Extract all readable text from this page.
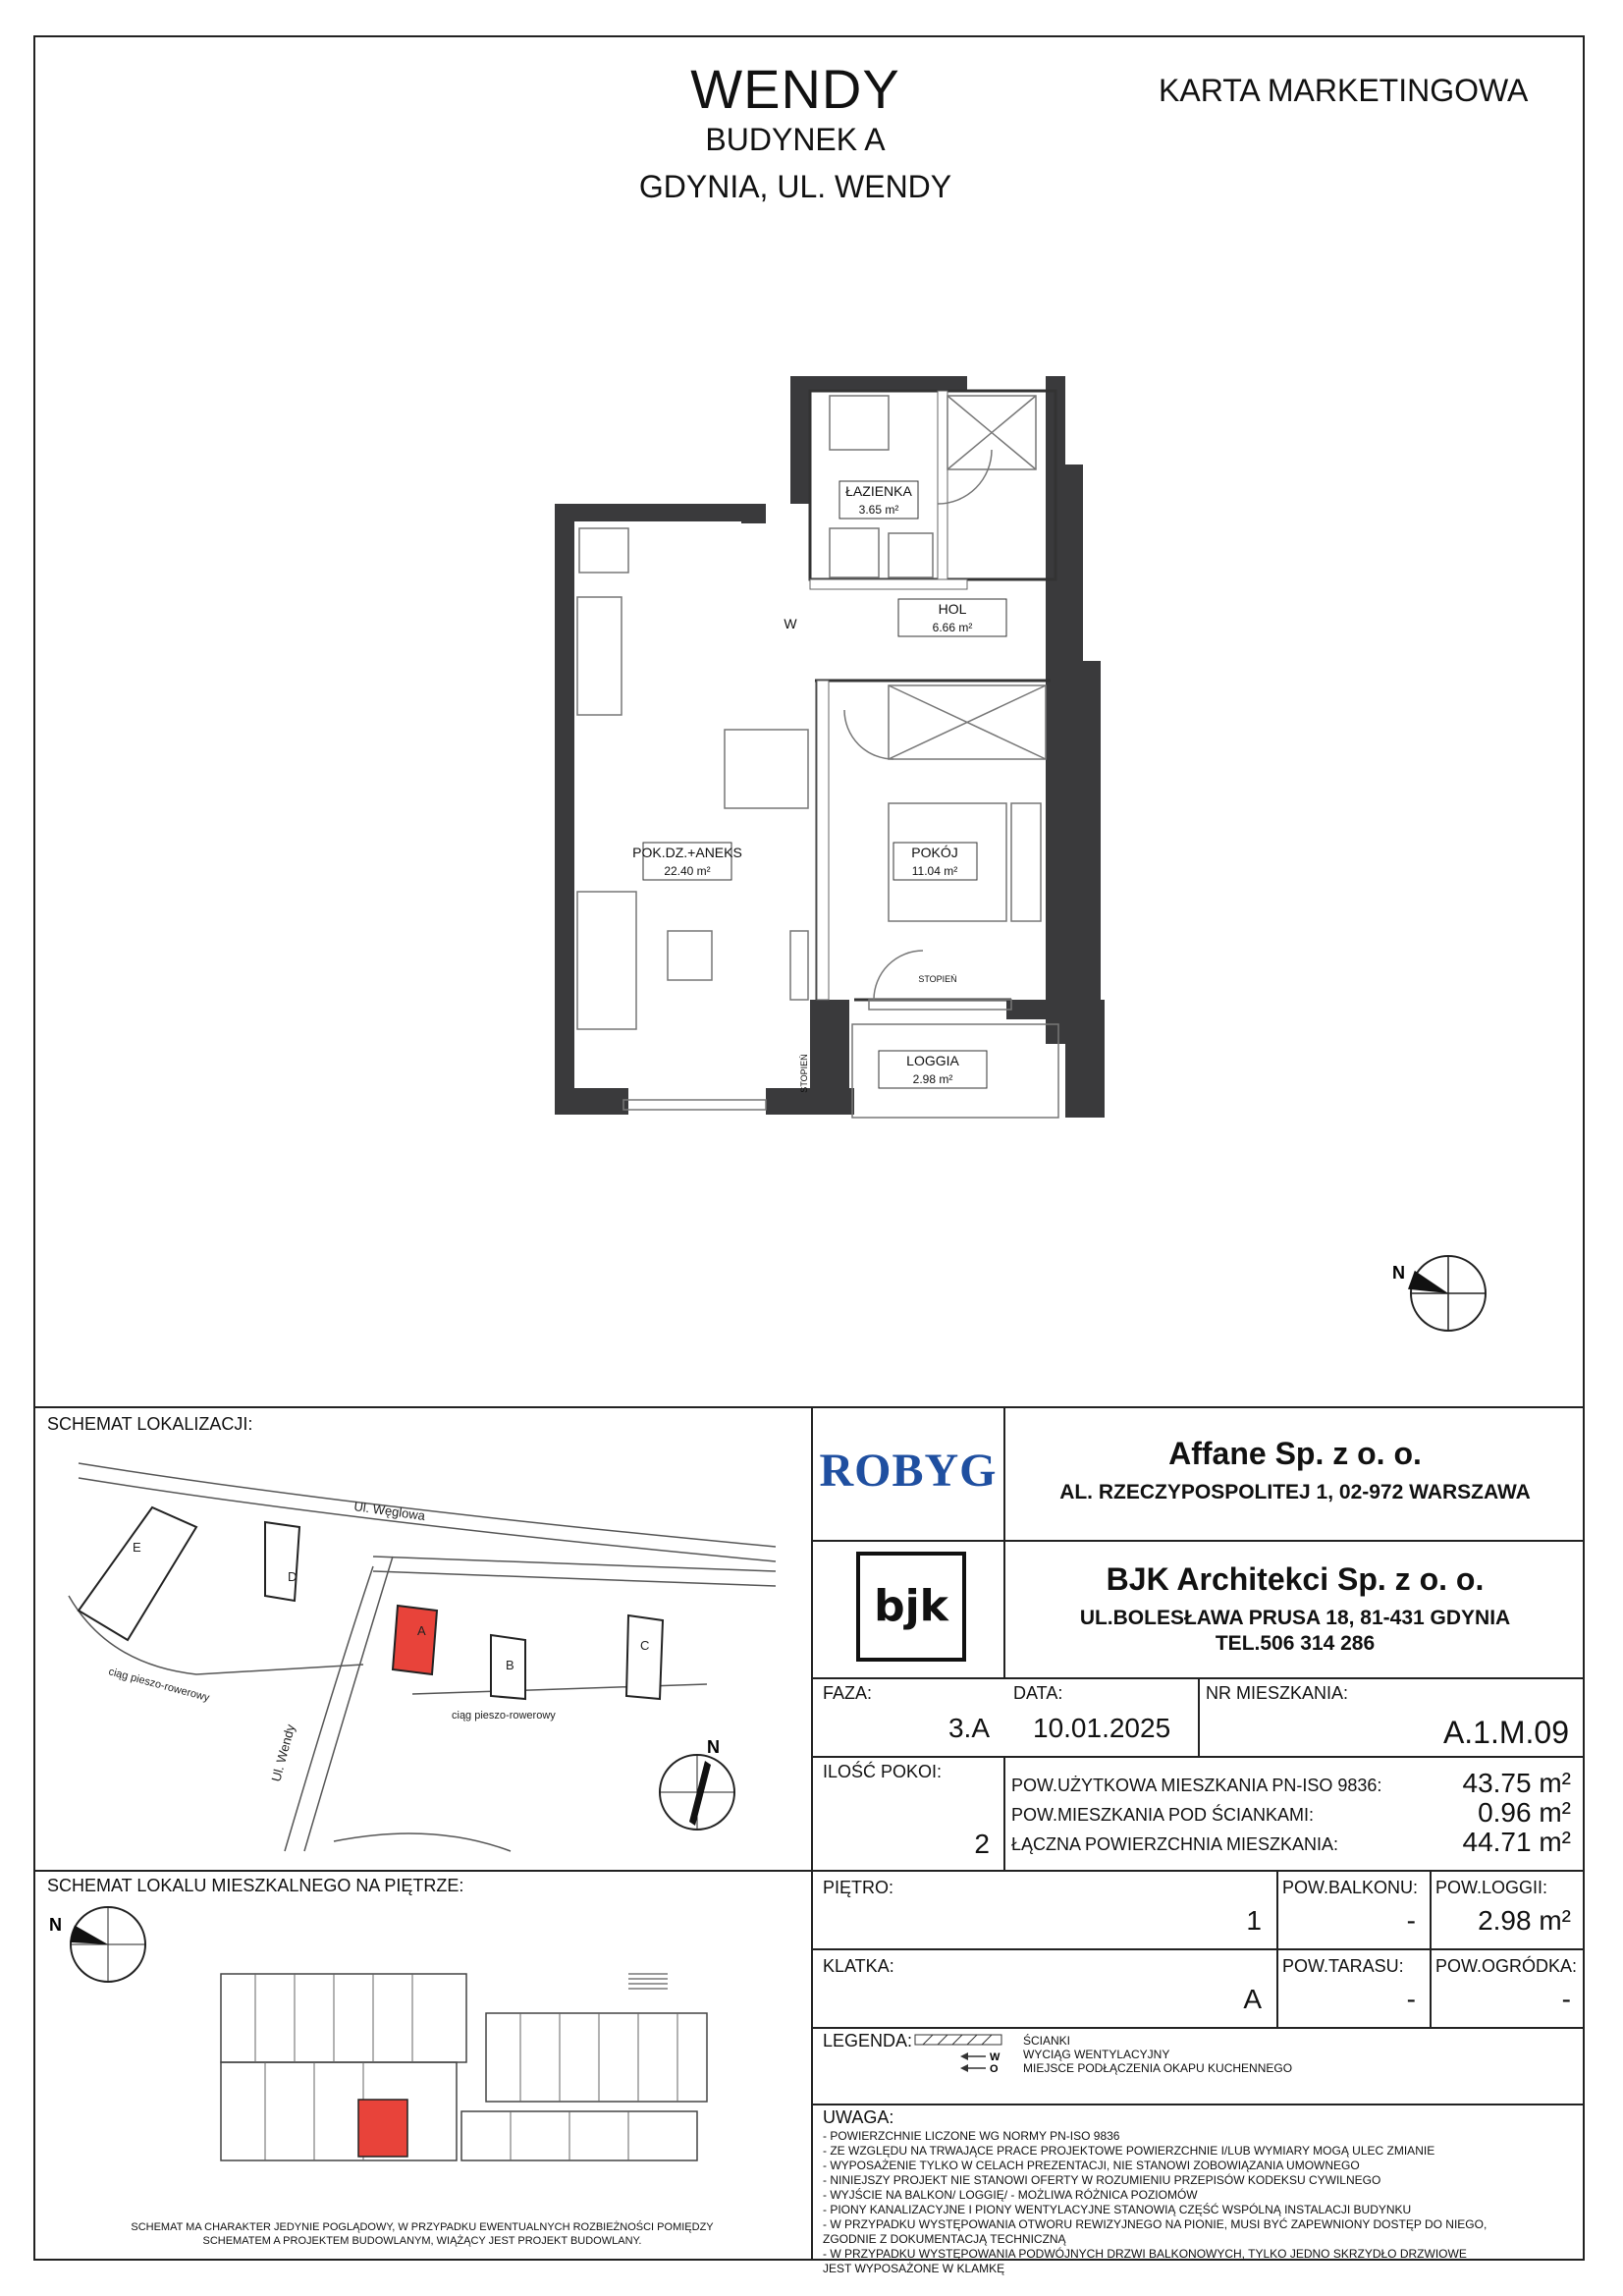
WENDY
BUDYNEK A
GDYNIA, UL. WENDY
KARTA MARKETINGOWA
ŁAZIENKA
3.65 m²
HOL
6.66 m²
POK.DZ.+ANEKS
22.40 m²
POKÓJ
11.04 m²
LOGGIA
2.98 m²
W
STOPIEŃ
STOPIEŃ
N
SCHEMAT LOKALIZACJI:
Ul. Węglowa
Ul. Wendy
ciąg pieszo-rowerowy
ciąg pieszo-rowerowy
E
D
A
B
C
N
ROBYG	Affane Sp. z o. o.
AL. RZECZYPOSPOLITEJ 1, 02-972 WARSZAWA
bjk
BJK Architekci Sp. z o. o.
UL.BOLESŁAWA PRUSA 18, 81-431 GDYNIA
TEL.506 314 286
FAZA:
3.A
DATA:
10.01.2025
NR MIESZKANIA:
A.1.M.09
ILOŚĆ POKOI:
2
POW.UŻYTKOWA MIESZKANIA PN-ISO 9836:	43.75 m²
POW.MIESZKANIA POD ŚCIANKAMI:	0.96 m²
ŁĄCZNA POWIERZCHNIA MIESZKANIA:	44.71 m²
PIĘTRO:
1
POW.BALKONU:
-
POW.LOGGII:
2.98 m²
KLATKA:
A
POW.TARASU:
-
POW.OGRÓDKA:
-
LEGENDA:
W
O
ŚCIANKI
WYCIĄG WENTYLACYJNY
MIEJSCE PODŁĄCZENIA OKAPU KUCHENNEGO
UWAGA:
- POWIERZCHNIE LICZONE WG NORMY PN-ISO 9836
- ZE WZGLĘDU NA TRWAJĄCE PRACE PROJEKTOWE POWIERZCHNIE I/LUB WYMIARY MOGĄ ULEC ZMIANIE
- WYPOSAŻENIE TYLKO W CELACH PREZENTACJI, NIE STANOWI ZOBOWIĄZANIA UMOWNEGO
- NINIEJSZY PROJEKT NIE STANOWI OFERTY W ROZUMIENIU PRZEPISÓW KODEKSU CYWILNEGO
- WYJŚCIE NA BALKON/ LOGGIĘ/ - MOŻLIWA RÓŻNICA POZIOMÓW
- PIONY KANALIZACYJNE I PIONY WENTYLACYJNE STANOWIĄ CZĘŚĆ WSPÓLNĄ INSTALACJI BUDYNKU
- W PRZYPADKU WYSTĘPOWANIA OTWORU REWIZYJNEGO NA PIONIE, MUSI BYĆ ZAPEWNIONY DOSTĘP DO NIEGO,
ZGODNIE Z DOKUMENTACJĄ TECHNICZNĄ
- W PRZYPADKU WYSTĘPOWANIA PODWÓJNYCH DRZWI BALKONOWYCH, TYLKO JEDNO SKRZYDŁO DRZWIOWE
JEST WYPOSAŻONE W KLAMKĘ
SCHEMAT LOKALU MIESZKALNEGO NA PIĘTRZE:
N
SCHEMAT MA CHARAKTER JEDYNIE POGLĄDOWY, W PRZYPADKU EWENTUALNYCH ROZBIEŻNOŚCI POMIĘDZY
SCHEMATEM A PROJEKTEM BUDOWLANYM, WIĄŻĄCY JEST PROJEKT BUDOWLANY.
